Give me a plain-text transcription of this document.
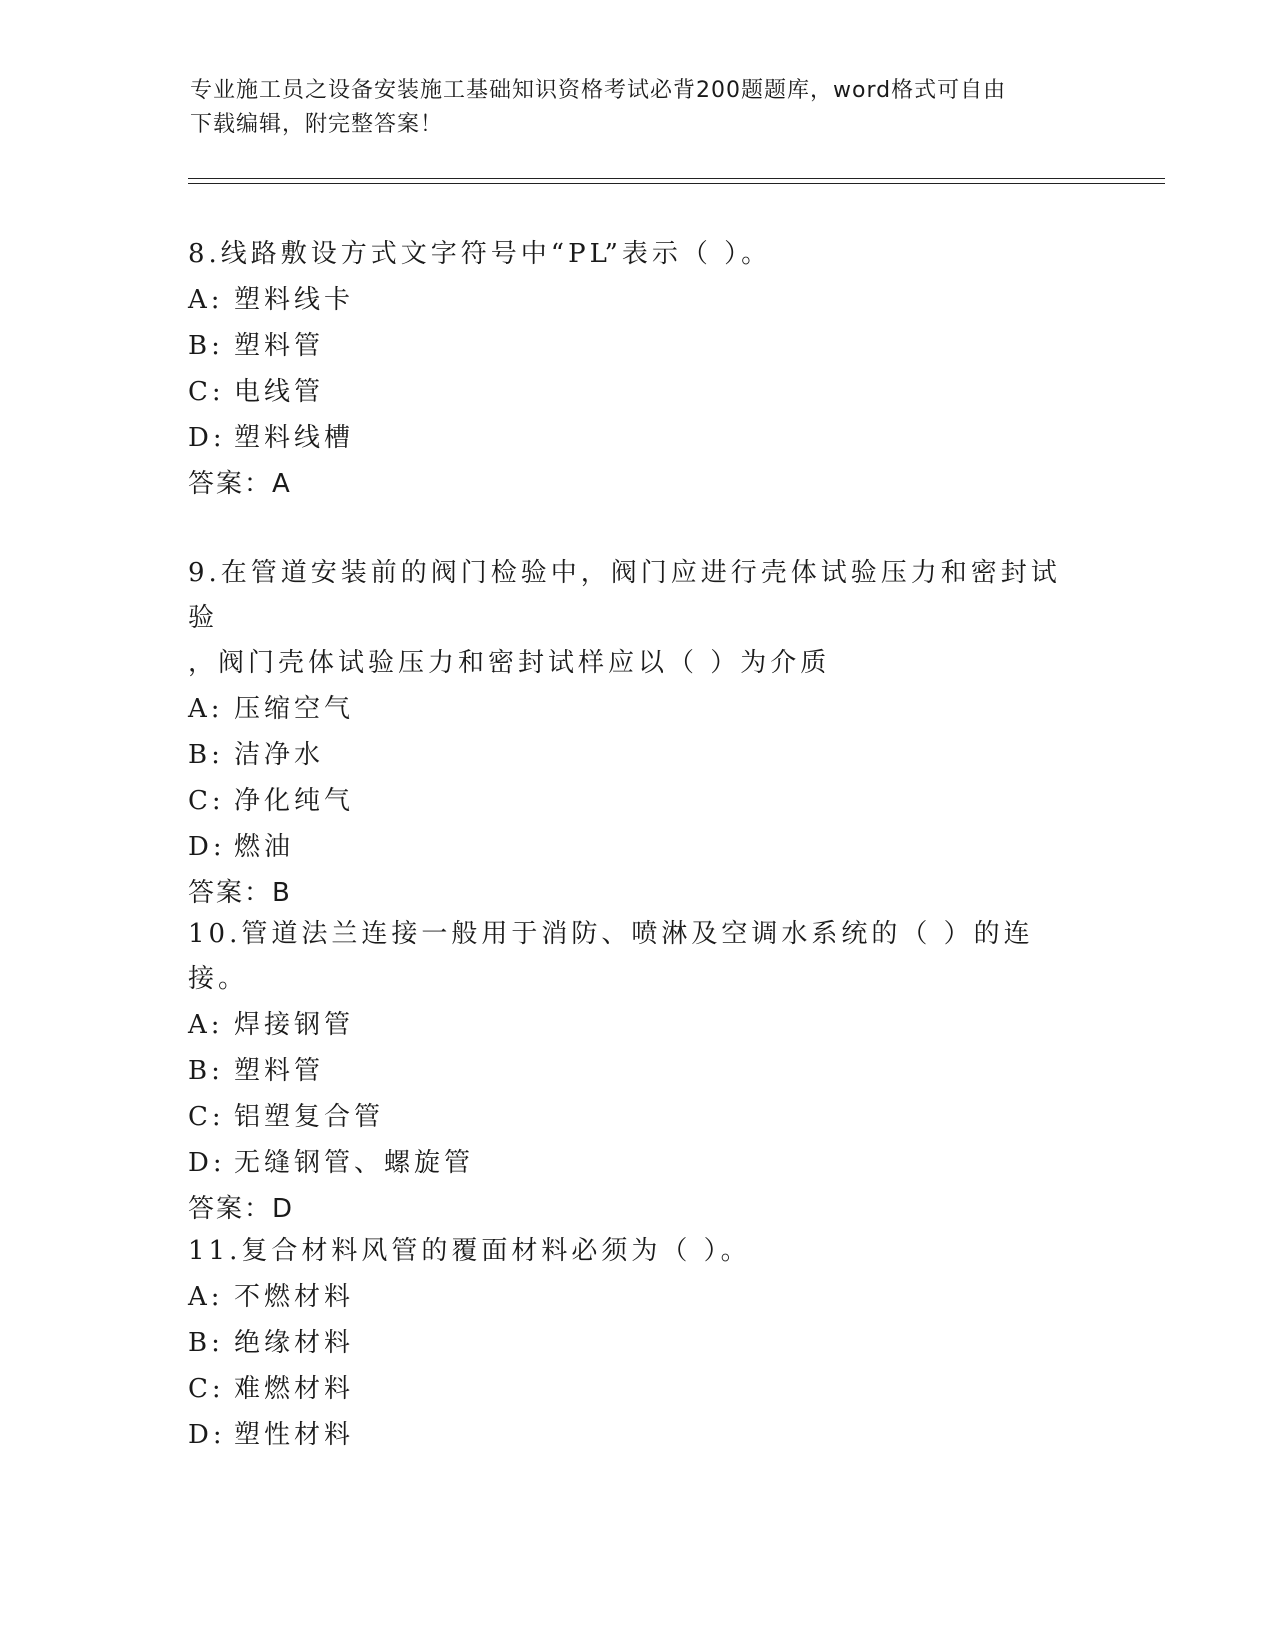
专业施工员之设备安装施工基础知识资格考试必背200题题库，word格式可自由
下载编辑，附完整答案！

8.线路敷设方式文字符号中“PL”表示（ ）。

A: 塑料线卡

B: 塑料管

C: 电线管

D: 塑料线槽

答案：A

9.在管道安装前的阀门检验中，阀门应进行壳体试验压力和密封试验

，阀门壳体试验压力和密封试样应以（ ）为介质

A: 压缩空气

B: 洁净水

C: 净化纯气

D: 燃油

答案：B

10.管道法兰连接一般用于消防、喷淋及空调水系统的（ ）的连接。

A: 焊接钢管

B: 塑料管

C: 铝塑复合管

D: 无缝钢管、螺旋管

答案：D

11.复合材料风管的覆面材料必须为（ ）。

A: 不燃材料

B: 绝缘材料

C: 难燃材料

D: 塑性材料
